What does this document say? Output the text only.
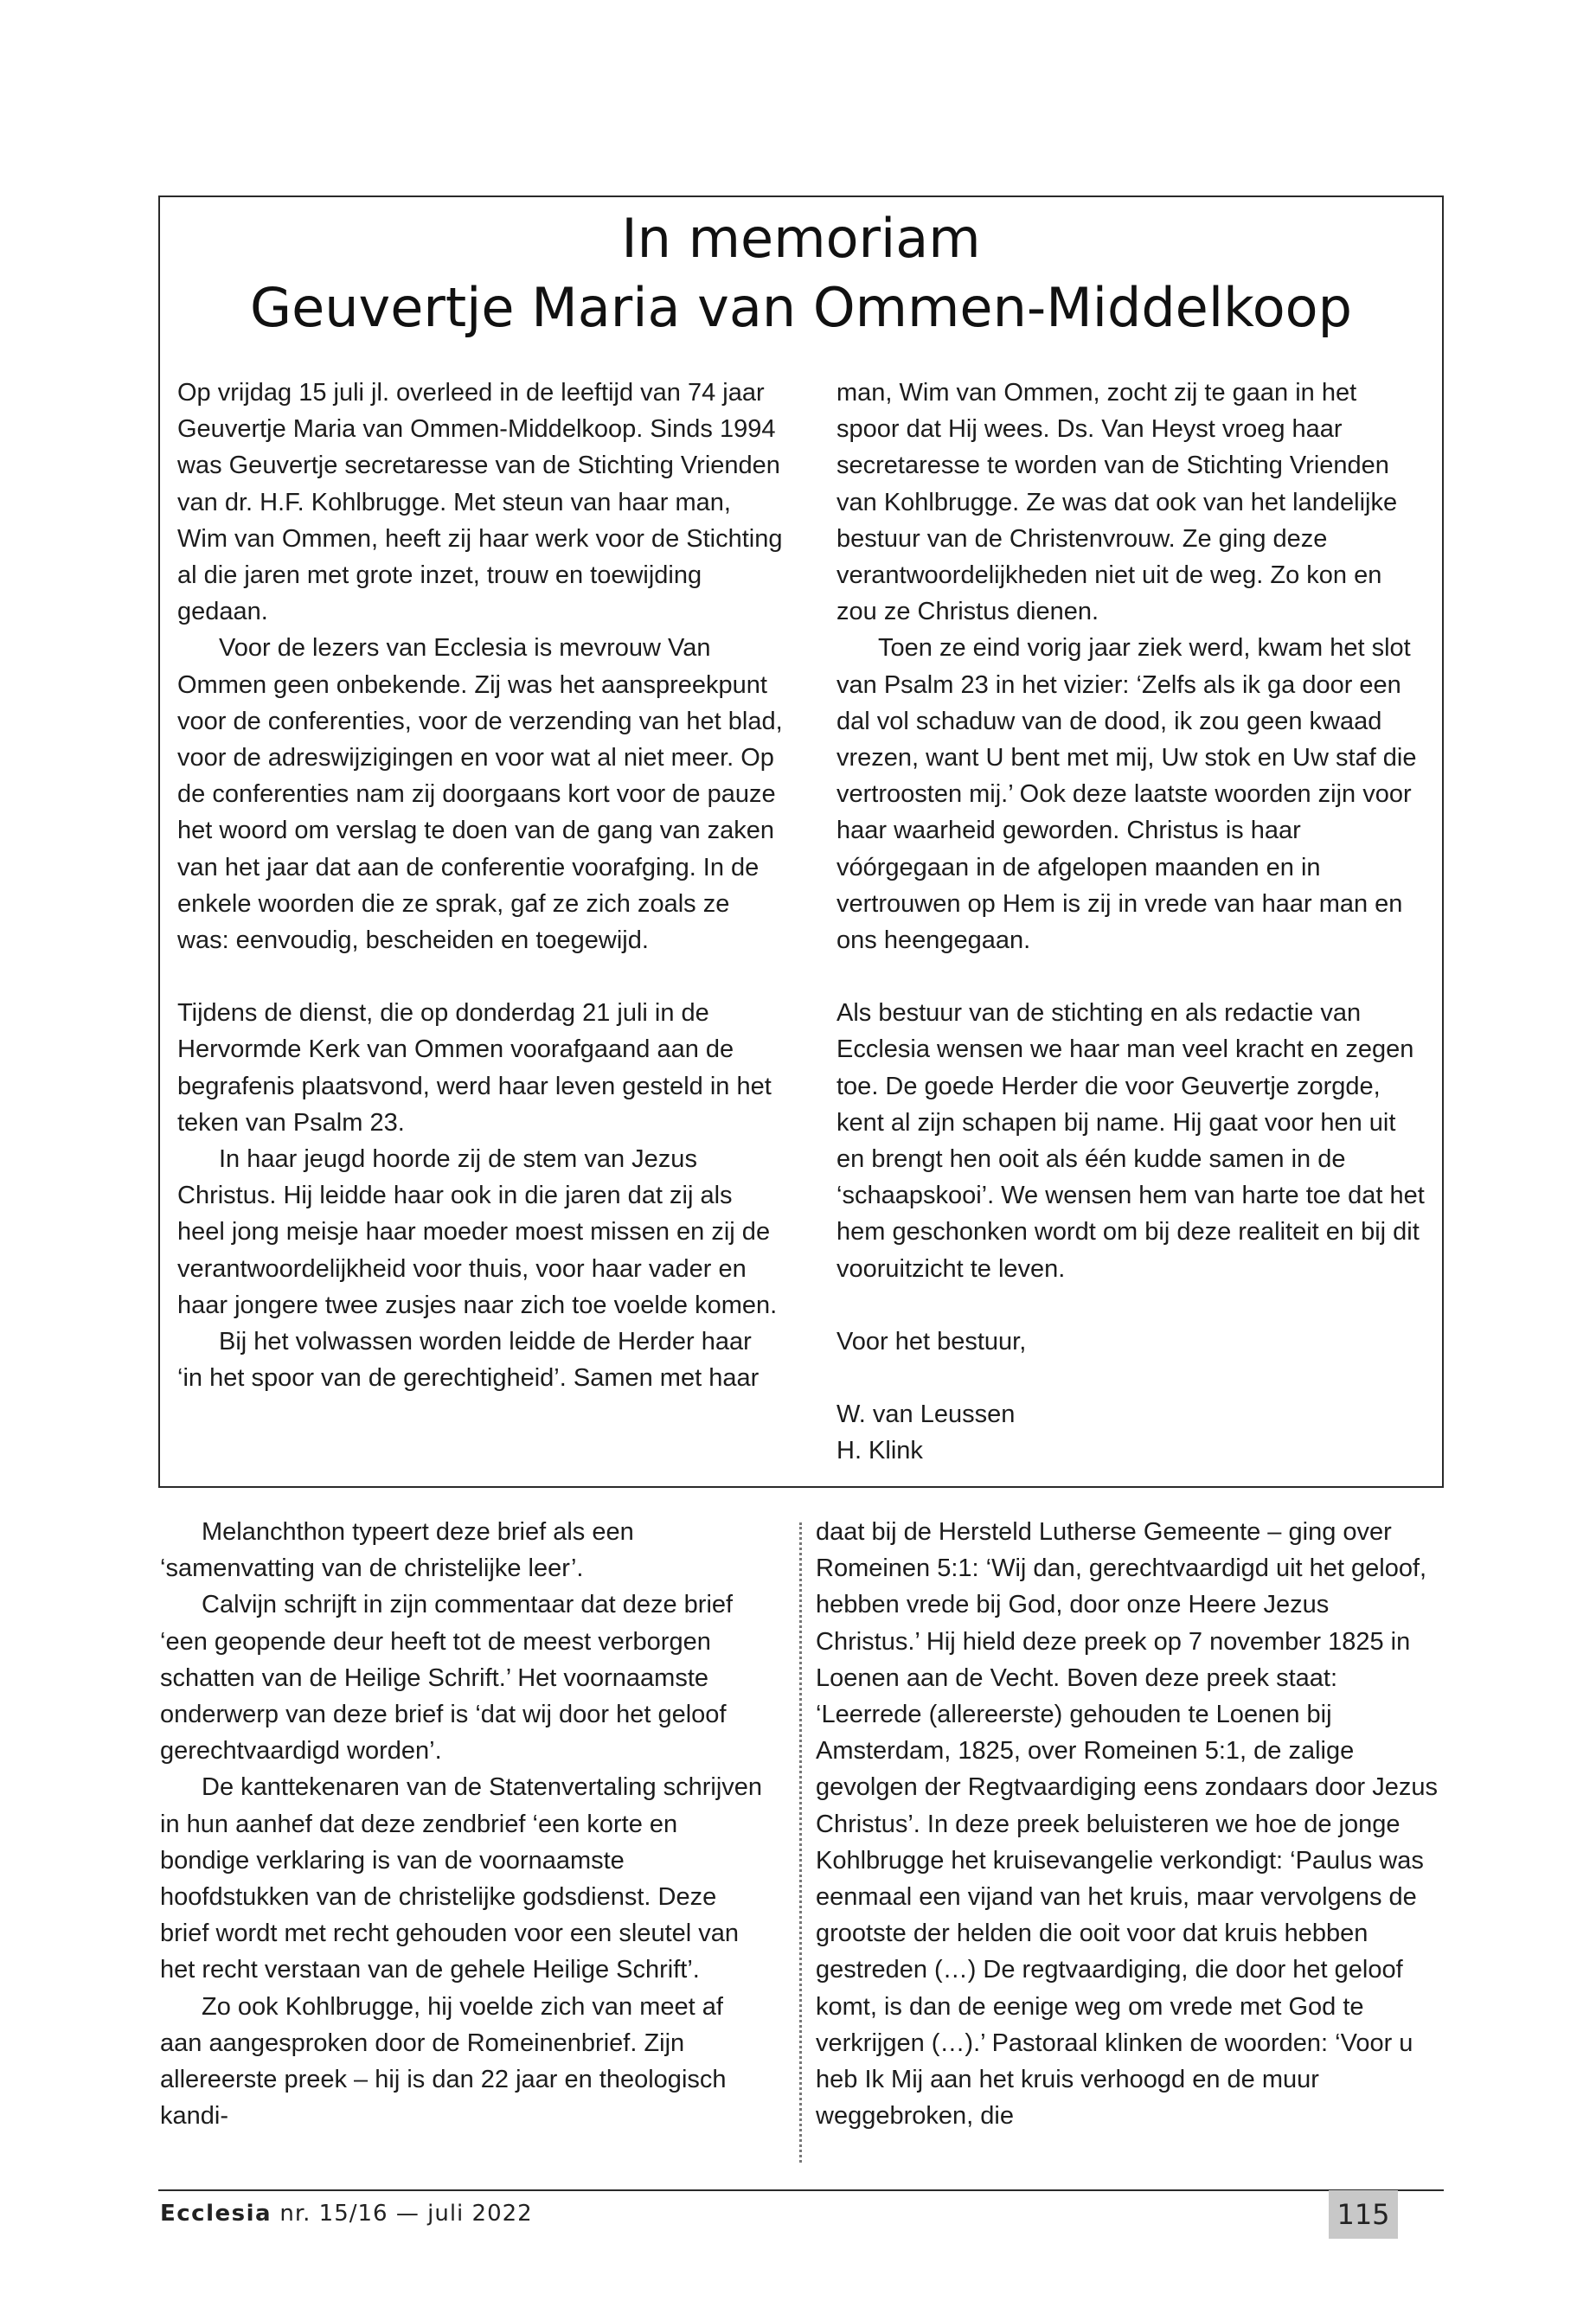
In memoriam
Geuvertje Maria van Ommen-Middelkoop

Op vrijdag 15 juli jl. overleed in de leeftijd van 74 jaar Geuvertje Maria van Ommen-Middelkoop. Sinds 1994 was Geuvertje secretaresse van de Stichting Vrienden van dr. H.F. Kohlbrugge. Met steun van haar man, Wim van Ommen, heeft zij haar werk voor de Stichting al die jaren met grote inzet, trouw en toewijding gedaan.

Voor de lezers van Ecclesia is mevrouw Van Ommen geen onbekende. Zij was het aanspreekpunt voor de conferenties, voor de verzending van het blad, voor de adreswijzigingen en voor wat al niet meer. Op de conferenties nam zij doorgaans kort voor de pauze het woord om verslag te doen van de gang van zaken van het jaar dat aan de conferentie voorafging. In de enkele woorden die ze sprak, gaf ze zich zoals ze was: eenvoudig, bescheiden en toegewijd.

Tijdens de dienst, die op donderdag 21 juli in de Hervormde Kerk van Ommen voorafgaand aan de begrafenis plaatsvond, werd haar leven gesteld in het teken van Psalm 23.

In haar jeugd hoorde zij de stem van Jezus Christus. Hij leidde haar ook in die jaren dat zij als heel jong meisje haar moeder moest missen en zij de verantwoordelijkheid voor thuis, voor haar vader en haar jongere twee zusjes naar zich toe voelde komen.

Bij het volwassen worden leidde de Herder haar ‘in het spoor van de gerechtigheid’. Samen met haar

man, Wim van Ommen, zocht zij te gaan in het spoor dat Hij wees. Ds. Van Heyst vroeg haar secretaresse te worden van de Stichting Vrienden van Kohlbrugge. Ze was dat ook van het landelijke bestuur van de Christenvrouw. Ze ging deze verantwoordelijkheden niet uit de weg. Zo kon en zou ze Christus dienen.

Toen ze eind vorig jaar ziek werd, kwam het slot van Psalm 23 in het vizier: ‘Zelfs als ik ga door een dal vol schaduw van de dood, ik zou geen kwaad vrezen, want U bent met mij, Uw stok en Uw staf die vertroosten mij.’ Ook deze laatste woorden zijn voor haar waarheid geworden. Christus is haar vóórgegaan in de afgelopen maanden en in vertrouwen op Hem is zij in vrede van haar man en ons heengegaan.

Als bestuur van de stichting en als redactie van Ecclesia wensen we haar man veel kracht en zegen toe. De goede Herder die voor Geuvertje zorgde, kent al zijn schapen bij name. Hij gaat voor hen uit en brengt hen ooit als één kudde samen in de ‘schaapskooi’. We wensen hem van harte toe dat het hem geschonken wordt om bij deze realiteit en bij dit vooruitzicht te leven.

Voor het bestuur,

W. van Leussen

H. Klink

Melanchthon typeert deze brief als een ‘samenvatting van de christelijke leer’.

Calvijn schrijft in zijn commentaar dat deze brief ‘een geopende deur heeft tot de meest verborgen schatten van de Heilige Schrift.’ Het voornaamste onderwerp van deze brief is ‘dat wij door het geloof gerechtvaardigd worden’.

De kanttekenaren van de Statenvertaling schrijven in hun aanhef dat deze zendbrief ‘een korte en bondige verklaring is van de voornaamste hoofdstukken van de christelijke godsdienst. Deze brief wordt met recht gehouden voor een sleutel van het recht verstaan van de gehele Heilige Schrift’.

Zo ook Kohlbrugge, hij voelde zich van meet af aan aangesproken door de Romeinenbrief. Zijn allereerste preek – hij is dan 22 jaar en theologisch kandi-

daat bij de Hersteld Lutherse Gemeente – ging over Romeinen 5:1: ‘Wij dan, gerechtvaardigd uit het geloof, hebben vrede bij God, door onze Heere Jezus Christus.’ Hij hield deze preek op 7 november 1825 in Loenen aan de Vecht. Boven deze preek staat: ‘Leerrede (allereerste) gehouden te Loenen bij Amsterdam, 1825, over Romeinen 5:1, de zalige gevolgen der Regtvaardiging eens zondaars door Jezus Christus’. In deze preek beluisteren we hoe de jonge Kohlbrugge het kruisevangelie verkondigt: ‘Paulus was eenmaal een vijand van het kruis, maar vervolgens de grootste der helden die ooit voor dat kruis hebben gestreden (…) De regtvaardiging, die door het geloof komt, is dan de eenige weg om vrede met God te verkrijgen (…).’ Pastoraal klinken de woorden: ‘Voor u heb Ik Mij aan het kruis verhoogd en de muur weggebroken, die

Ecclesia nr. 15/16 — juli 2022	115
